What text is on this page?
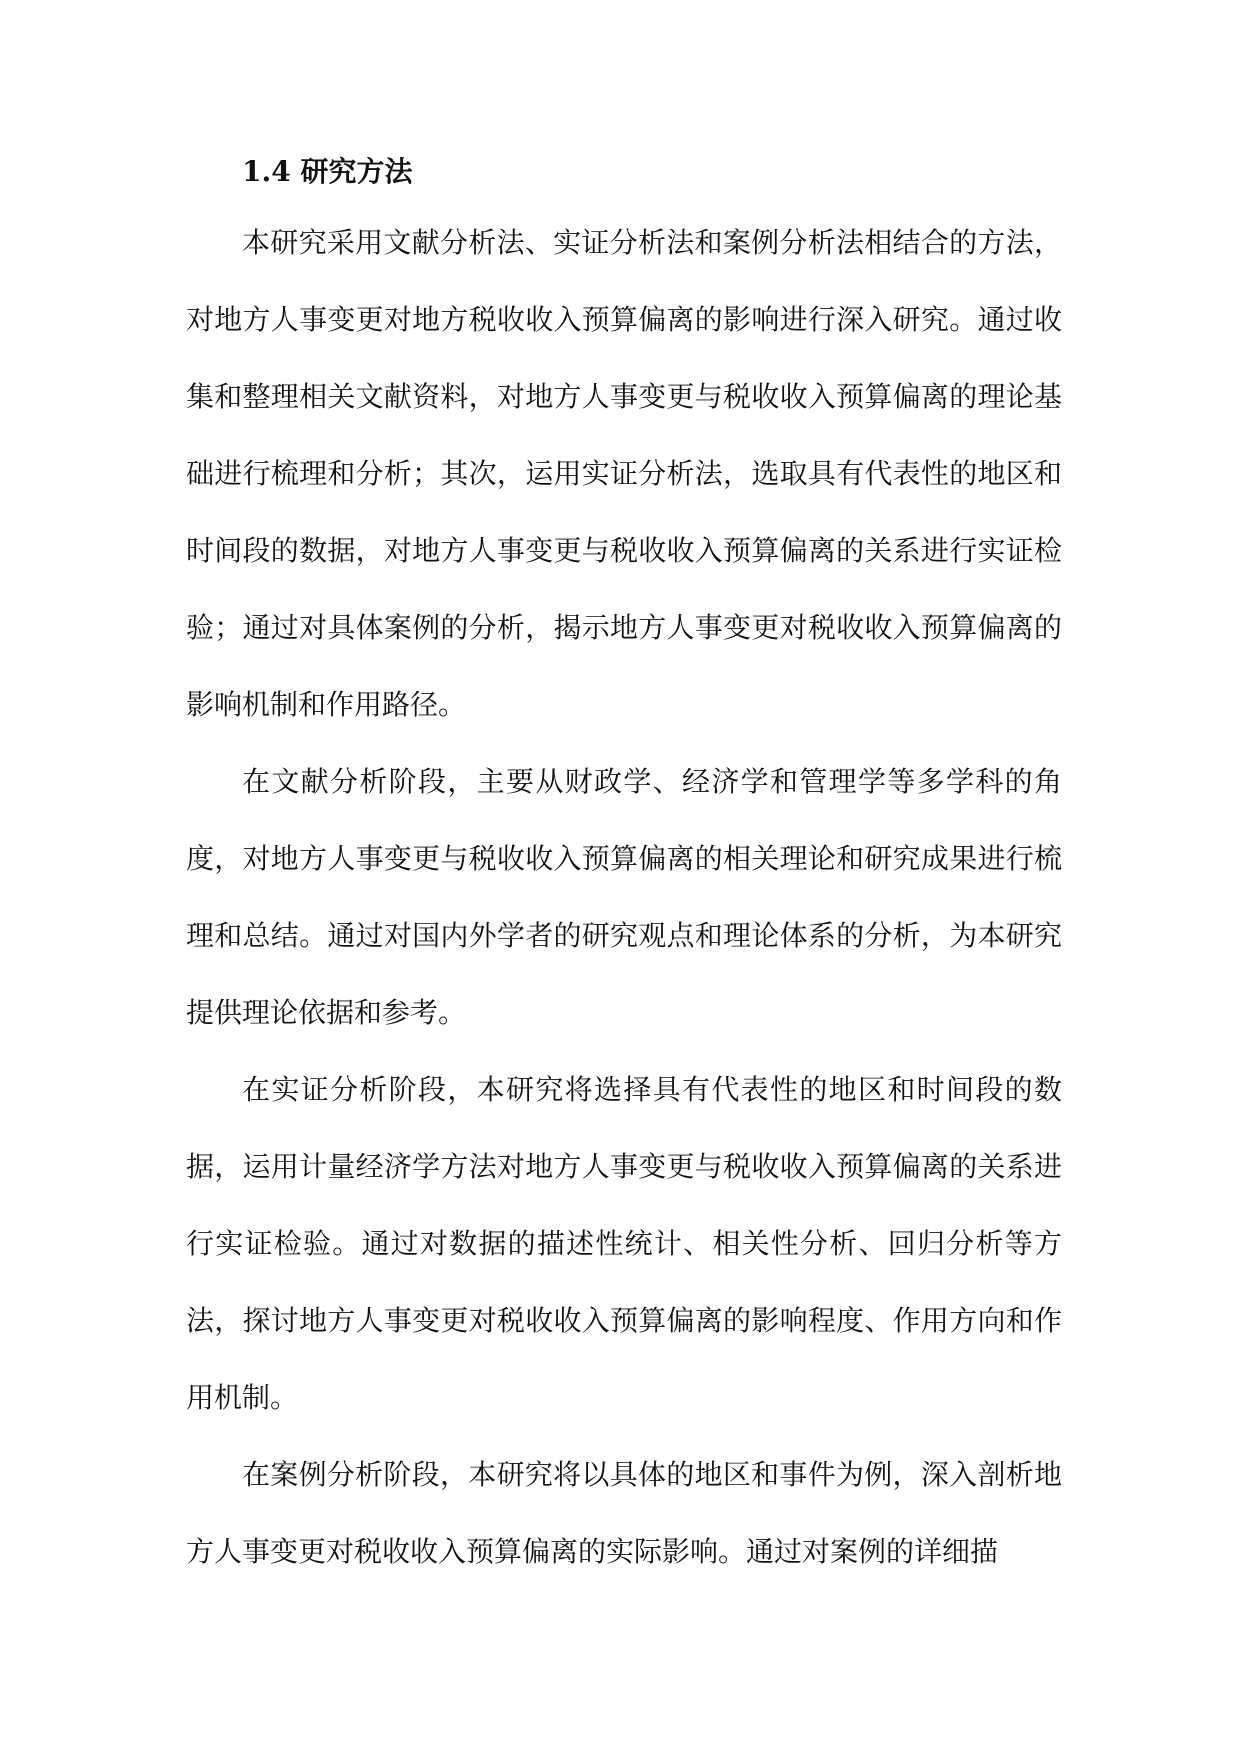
1.4 研究方法

本研究采用文献分析法、实证分析法和案例分析法相结合的方法，对地方人事变更对地方税收收入预算偏离的影响进行深入研究。通过收集和整理相关文献资料，对地方人事变更与税收收入预算偏离的理论基础进行梳理和分析；其次，运用实证分析法，选取具有代表性的地区和时间段的数据，对地方人事变更与税收收入预算偏离的关系进行实证检验；通过对具体案例的分析，揭示地方人事变更对税收收入预算偏离的影响机制和作用路径。

在文献分析阶段，主要从财政学、经济学和管理学等多学科的角度，对地方人事变更与税收收入预算偏离的相关理论和研究成果进行梳理和总结。通过对国内外学者的研究观点和理论体系的分析，为本研究提供理论依据和参考。

在实证分析阶段，本研究将选择具有代表性的地区和时间段的数据，运用计量经济学方法对地方人事变更与税收收入预算偏离的关系进行实证检验。通过对数据的描述性统计、相关性分析、回归分析等方法，探讨地方人事变更对税收收入预算偏离的影响程度、作用方向和作用机制。

在案例分析阶段，本研究将以具体的地区和事件为例，深入剖析地方人事变更对税收收入预算偏离的实际影响。通过对案例的详细描
